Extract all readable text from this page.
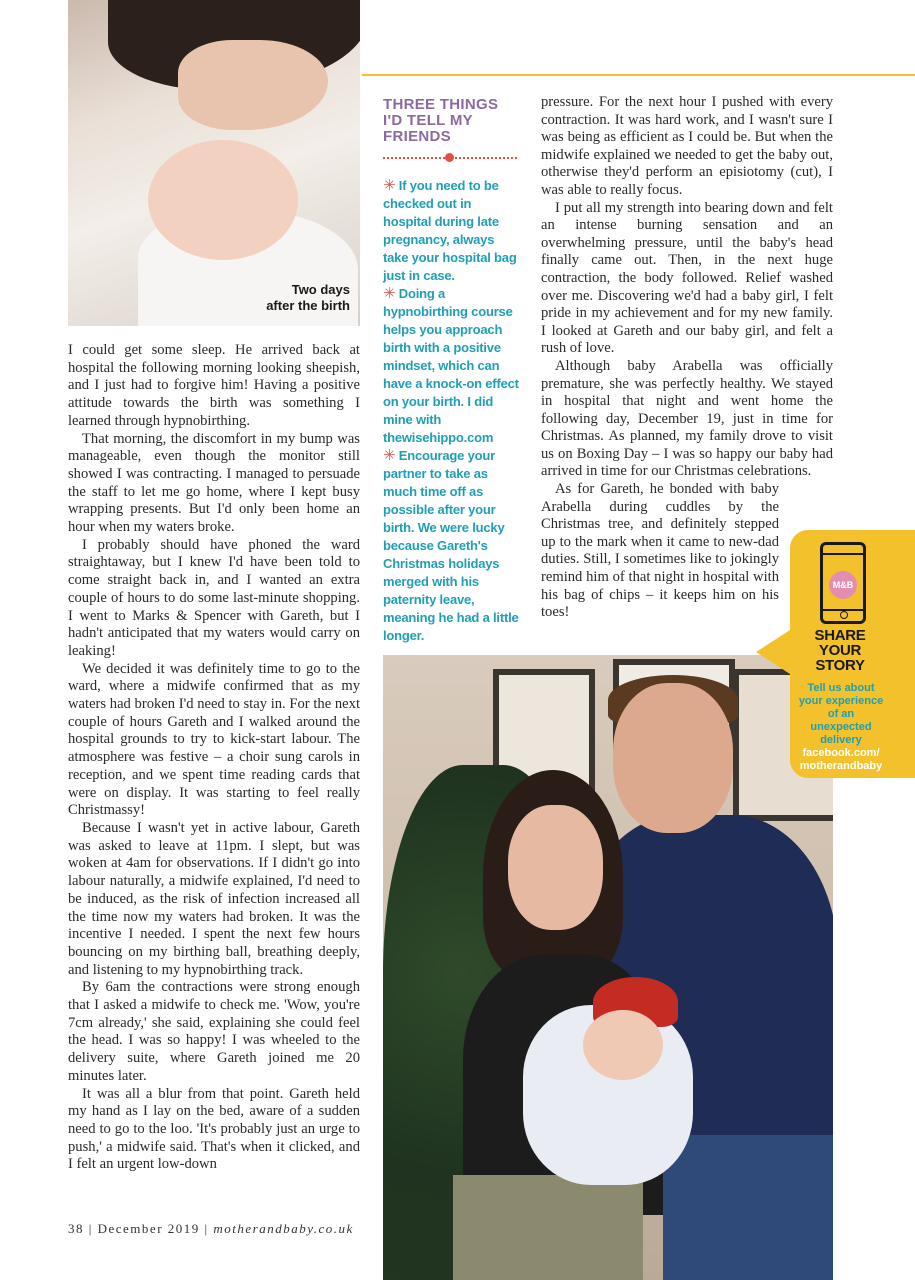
Two days
after the birth
THREE THINGS I'D TELL MY FRIENDS
✳ If you need to be checked out in hospital during late pregnancy, always take your hospital bag just in case.
✳ Doing a hypnobirthing course helps you approach birth with a positive mindset, which can have a knock-on effect on your birth. I did mine with thewisehippo.com
✳ Encourage your partner to take as much time off as possible after your birth. We were lucky because Gareth's Christmas holidays merged with his paternity leave, meaning he had a little longer.

I could get some sleep. He arrived back at hospital the following morning looking sheepish, and I just had to forgive him! Having a positive attitude towards the birth was something I learned through hypnobirthing.

That morning, the discomfort in my bump was manageable, even though the monitor still showed I was contracting. I managed to persuade the staff to let me go home, where I kept busy wrapping presents. But I'd only been home an hour when my waters broke.

I probably should have phoned the ward straightaway, but I knew I'd have been told to come straight back in, and I wanted an extra couple of hours to do some last-minute shopping. I went to Marks & Spencer with Gareth, but I hadn't anticipated that my waters would carry on leaking!

We decided it was definitely time to go to the ward, where a midwife confirmed that as my waters had broken I'd need to stay in. For the next couple of hours Gareth and I walked around the hospital grounds to try to kick-start labour. The atmosphere was festive – a choir sung carols in reception, and we spent time reading cards that were on display. It was starting to feel really Christmassy!

Because I wasn't yet in active labour, Gareth was asked to leave at 11pm. I slept, but was woken at 4am for observations. If I didn't go into labour naturally, a midwife explained, I'd need to be induced, as the risk of infection increased all the time now my waters had broken. It was the incentive I needed. I spent the next few hours bouncing on my birthing ball, breathing deeply, and listening to my hypnobirthing track.

By 6am the contractions were strong enough that I asked a midwife to check me. 'Wow, you're 7cm already,' she said, explaining she could feel the head. I was so happy! I was wheeled to the delivery suite, where Gareth joined me 20 minutes later.

It was all a blur from that point. Gareth held my hand as I lay on the bed, aware of a sudden need to go to the loo. 'It's probably just an urge to push,' a midwife said. That's when it clicked, and I felt an urgent low-down

pressure. For the next hour I pushed with every contraction. It was hard work, and I wasn't sure I was being as efficient as I could be. But when the midwife explained we needed to get the baby out, otherwise they'd perform an episiotomy (cut), I was able to really focus.

I put all my strength into bearing down and felt an intense burning sensation and an overwhelming pressure, until the baby's head finally came out. Then, in the next huge contraction, the body followed. Relief washed over me. Discovering we'd had a baby girl, I felt pride in my achievement and for my new family. I looked at Gareth and our baby girl, and felt a rush of love.

Although baby Arabella was officially premature, she was perfectly healthy. We stayed in hospital that night and went home the following day, December 19, just in time for Christmas. As planned, my family drove to visit us on Boxing Day – I was so happy our baby had arrived in time for our Christmas celebrations.

As for Gareth, he bonded with baby Arabella during cuddles by the Christmas tree, and definitely stepped up to the mark when it came to new-dad duties. Still, I sometimes like to jokingly remind him of that night in hospital with his bag of chips – it keeps him on his toes!

M&B
SHARE
YOUR
STORY
Tell us about your experience of an unexpected delivery
facebook.com/ motherandbaby
38 | December 2019 | motherandbaby.co.uk
